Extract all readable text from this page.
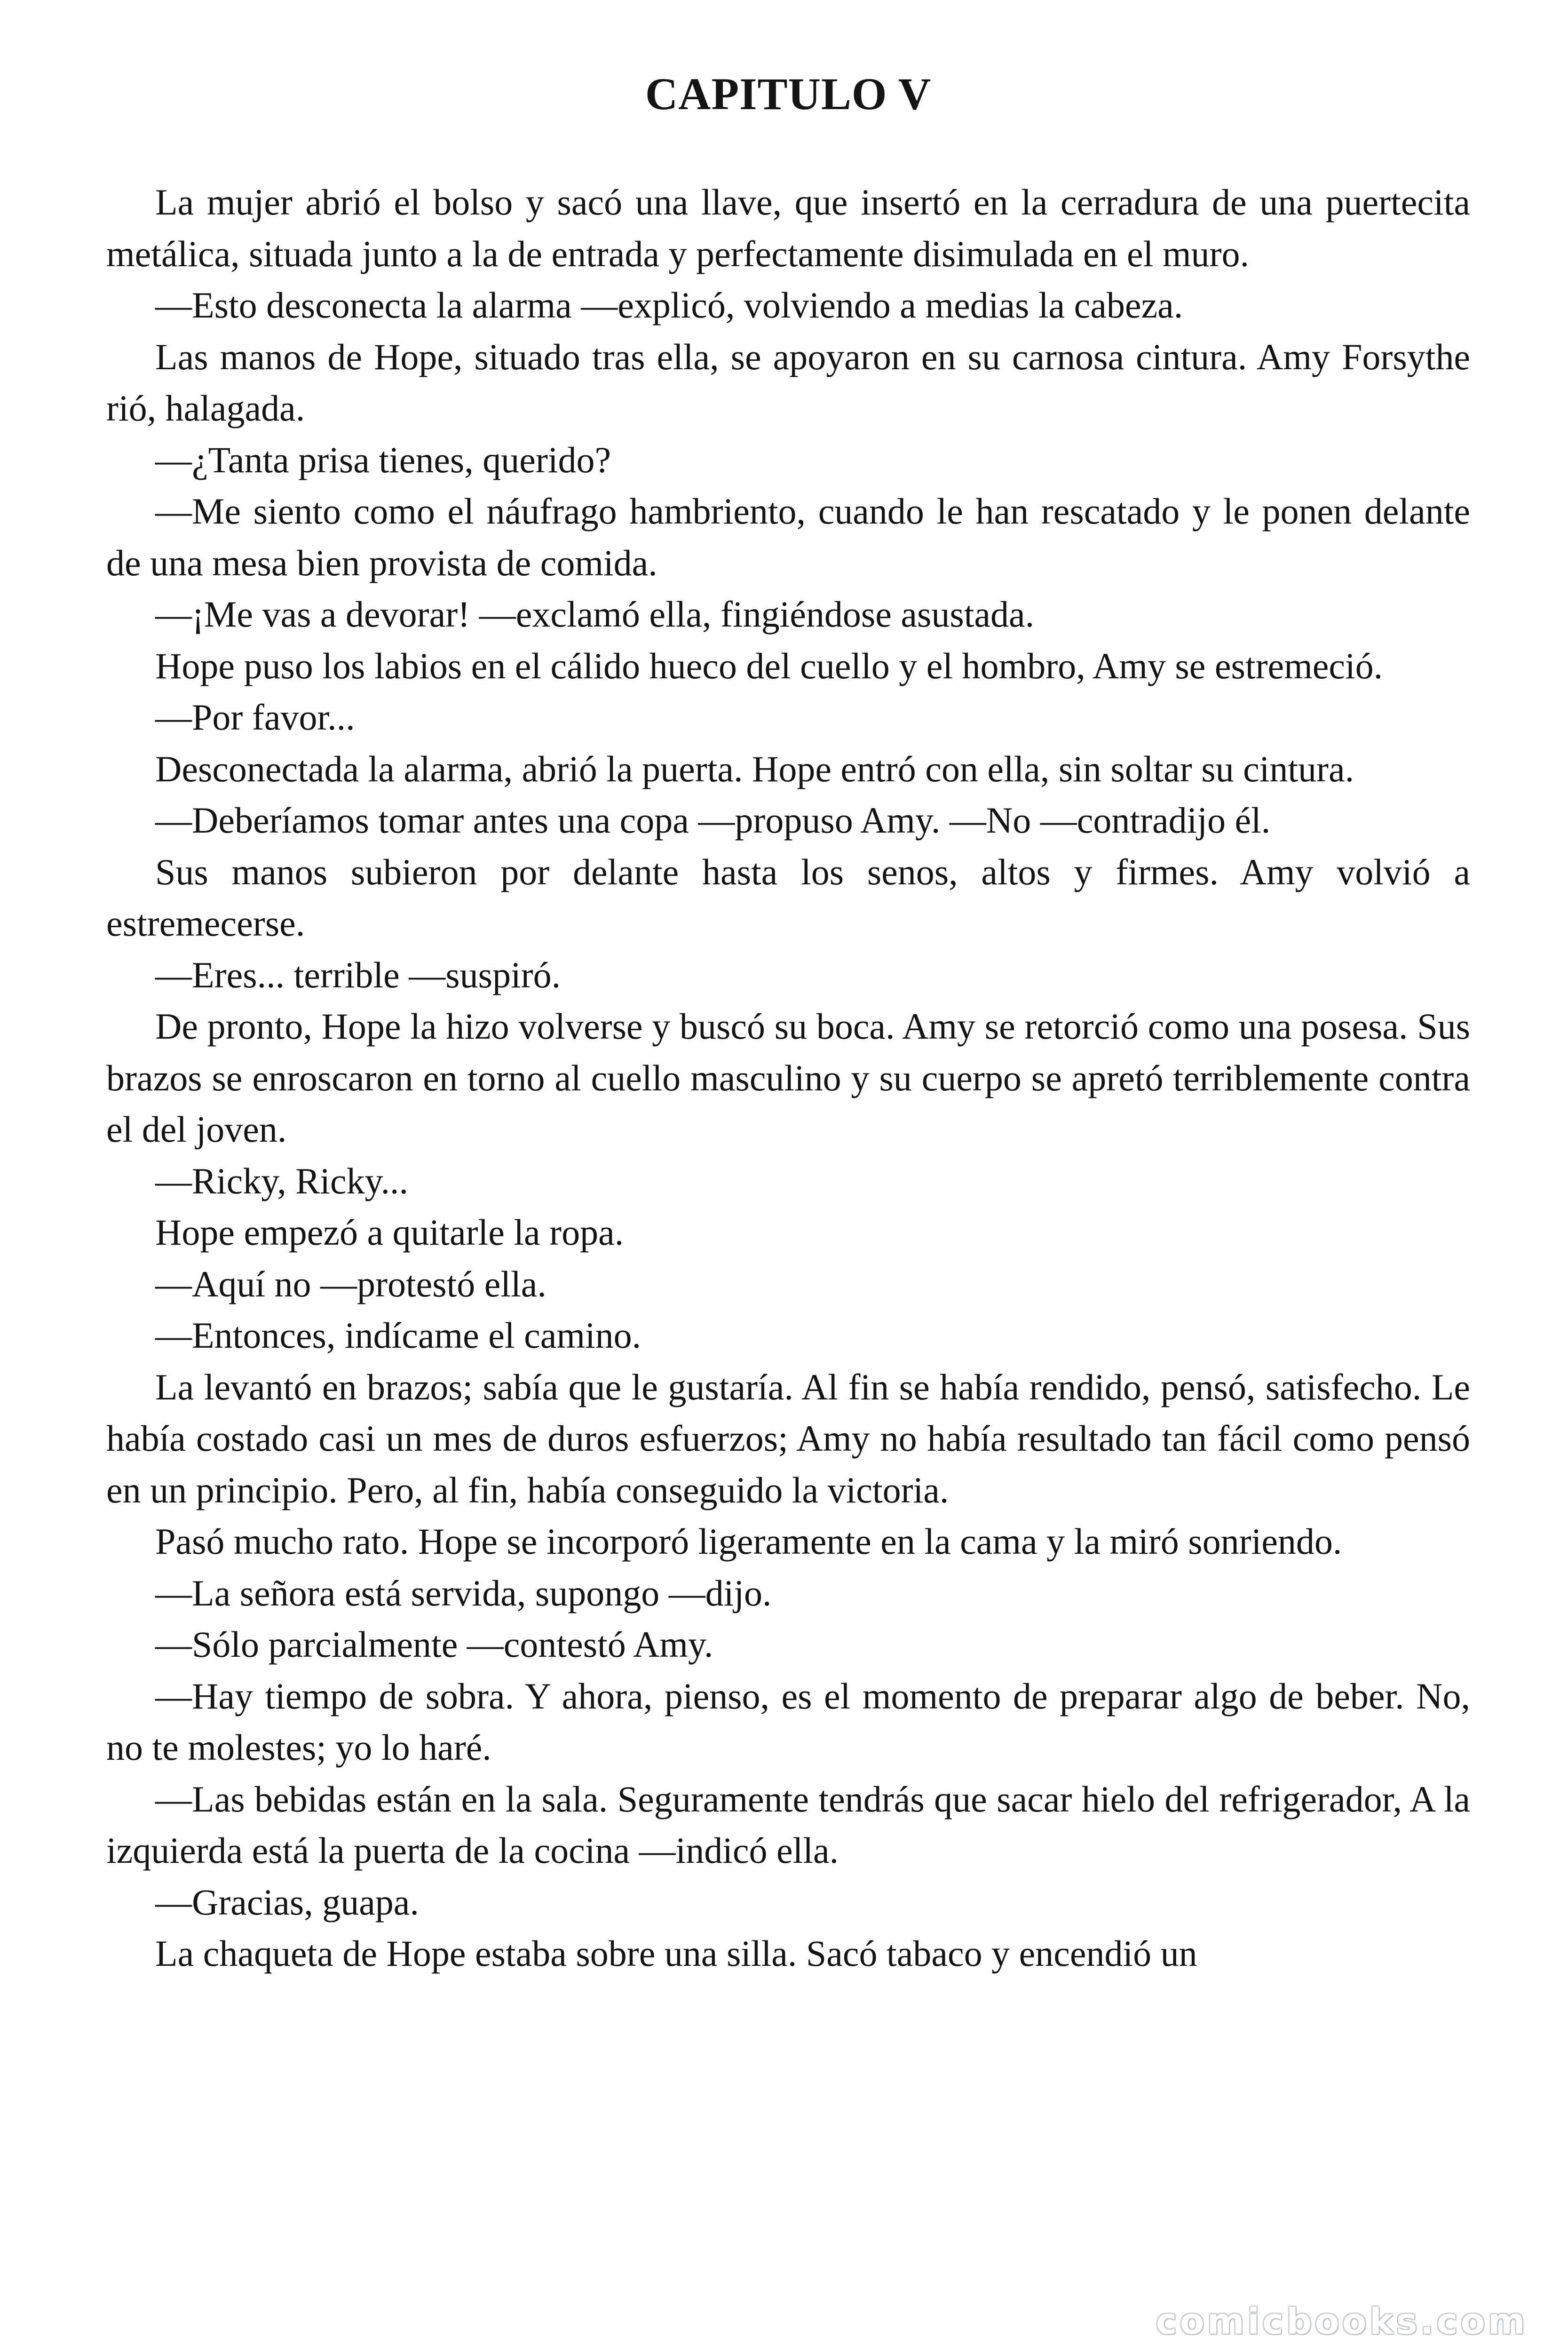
CAPITULO V

La mujer abrió el bolso y sacó una llave, que insertó en la cerradura de una puertecita metálica, situada junto a la de entrada y perfectamente disimulada en el muro.

—Esto desconecta la alarma —explicó, volviendo a medias la cabeza.

Las manos de Hope, situado tras ella, se apoyaron en su carnosa cintura. Amy Forsythe rió, halagada.

—¿Tanta prisa tienes, querido?

—Me siento como el náufrago hambriento, cuando le han rescatado y le ponen delante de una mesa bien provista de comida.

—¡Me vas a devorar! —exclamó ella, fingiéndose asustada.

Hope puso los labios en el cálido hueco del cuello y el hombro, Amy se estremeció.

—Por favor...

Desconectada la alarma, abrió la puerta. Hope entró con ella, sin soltar su cintura.

—Deberíamos tomar antes una copa —propuso Amy. —No —contradijo él.

Sus manos subieron por delante hasta los senos, altos y firmes. Amy volvió a estremecerse.

—Eres... terrible —suspiró.

De pronto, Hope la hizo volverse y buscó su boca. Amy se retorció como una posesa. Sus brazos se enroscaron en torno al cuello masculino y su cuerpo se apretó terriblemente contra el del joven.

—Ricky, Ricky...

Hope empezó a quitarle la ropa.

—Aquí no —protestó ella.

—Entonces, indícame el camino.

La levantó en brazos; sabía que le gustaría. Al fin se había rendido, pensó, satisfecho. Le había costado casi un mes de duros esfuerzos; Amy no había resultado tan fácil como pensó en un principio. Pero, al fin, había conseguido la victoria.

Pasó mucho rato. Hope se incorporó ligeramente en la cama y la miró sonriendo.

—La señora está servida, supongo —dijo.

—Sólo parcialmente —contestó Amy.

—Hay tiempo de sobra. Y ahora, pienso, es el momento de preparar algo de beber. No, no te molestes; yo lo haré.

—Las bebidas están en la sala. Seguramente tendrás que sacar hielo del refrigerador, A la izquierda está la puerta de la cocina —indicó ella.

—Gracias, guapa.

La chaqueta de Hope estaba sobre una silla. Sacó tabaco y encendió un

comicbooks.com
